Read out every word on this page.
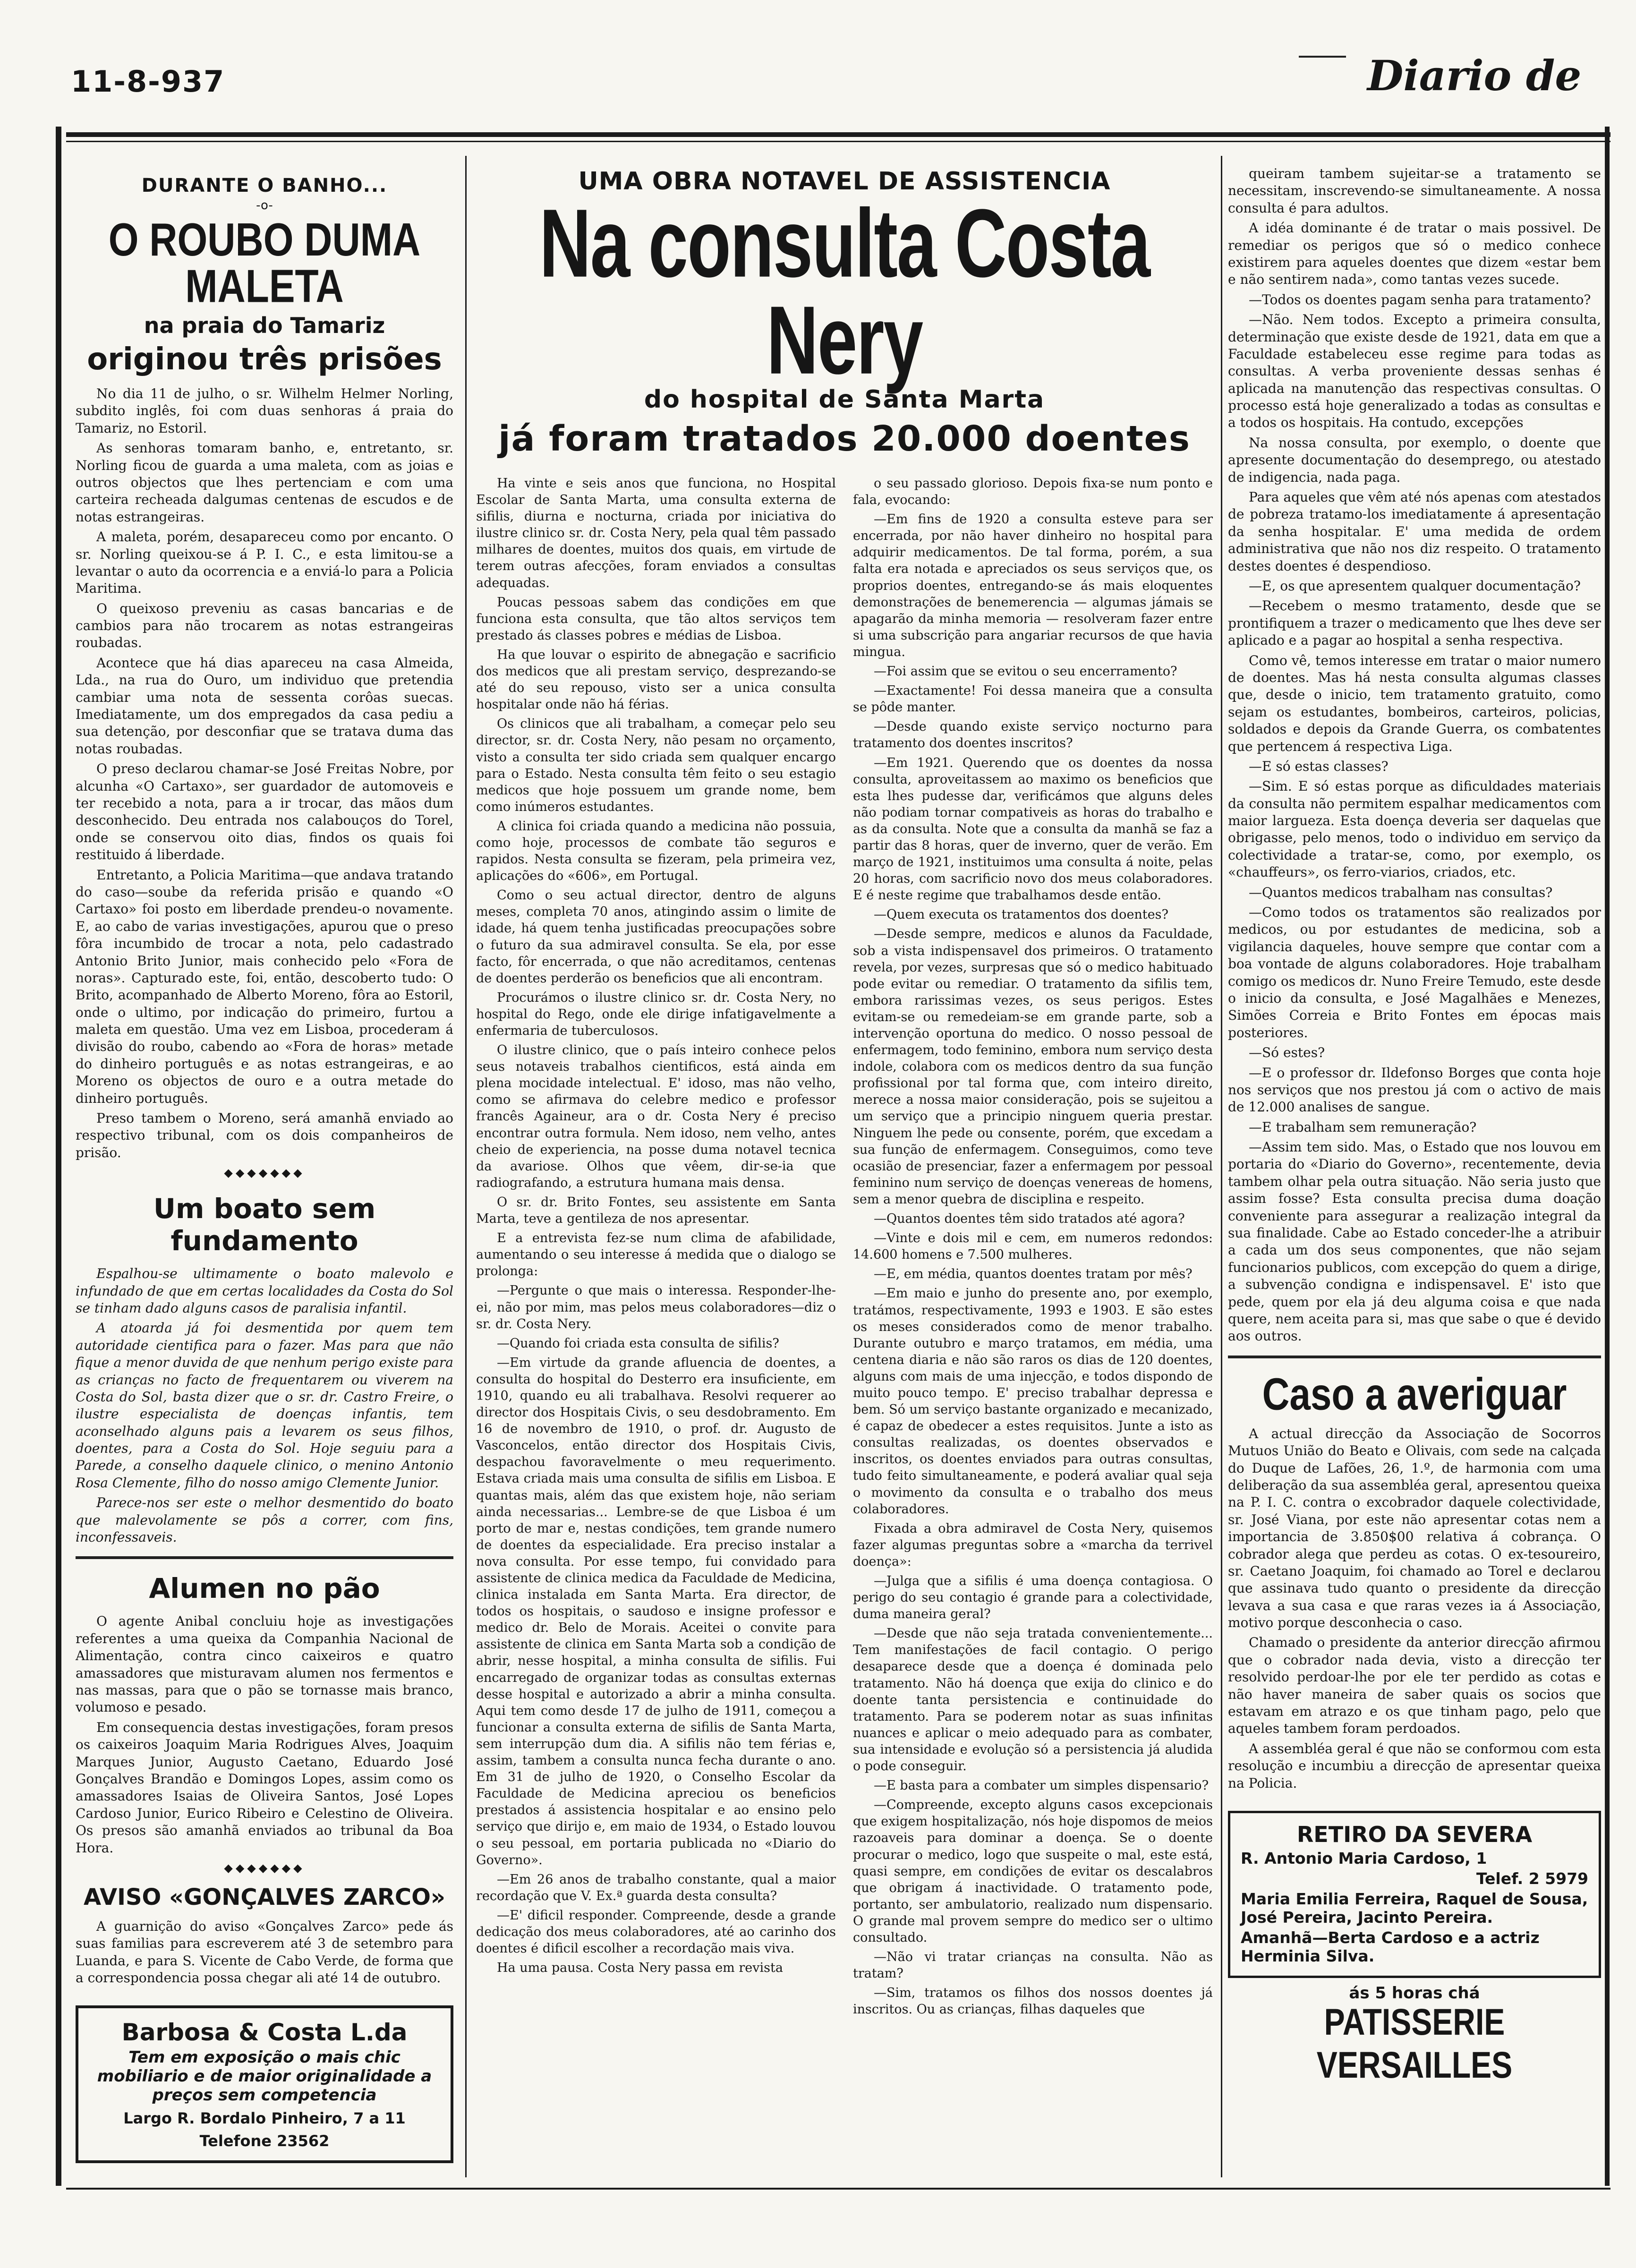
11-8-937	Diario de
DURANTE O BANHO...
-o-
O ROUBO DUMA MALETA
na praia do Tamariz
originou três prisões

No dia 11 de julho, o sr. Wilhelm Helmer Norling, subdito inglês, foi com duas senhoras á praia do Tamariz, no Estoril.

As senhoras tomaram banho, e, entretanto, sr. Norling ficou de guarda a uma maleta, com as joias e outros objectos que lhes pertenciam e com uma carteira recheada dalgumas centenas de escudos e de notas estrangeiras.

A maleta, porém, desapareceu como por encanto. O sr. Norling queixou-se á P. I. C., e esta limitou-se a levantar o auto da ocorrencia e a enviá-lo para a Policia Maritima.

O queixoso preveniu as casas bancarias e de cambios para não trocarem as notas estrangeiras roubadas.

Acontece que há dias apareceu na casa Almeida, Lda., na rua do Ouro, um individuo que pretendia cambiar uma nota de sessenta corôas suecas. Imediatamente, um dos empregados da casa pediu a sua detenção, por desconfiar que se tratava duma das notas roubadas.

O preso declarou chamar-se José Freitas Nobre, por alcunha «O Cartaxo», ser guardador de automoveis e ter recebido a nota, para a ir trocar, das mãos dum desconhecido. Deu entrada nos calabouços do Torel, onde se conservou oito dias, findos os quais foi restituido á liberdade.

Entretanto, a Policia Maritima—que andava tratando do caso—soube da referida prisão e quando «O Cartaxo» foi posto em liberdade prendeu-o novamente. E, ao cabo de varias investigações, apurou que o preso fôra incumbido de trocar a nota, pelo cadastrado Antonio Brito Junior, mais conhecido pelo «Fora de noras». Capturado este, foi, então, descoberto tudo: O Brito, acompanhado de Alberto Moreno, fôra ao Estoril, onde o ultimo, por indicação do primeiro, furtou a maleta em questão. Uma vez em Lisboa, procederam á divisão do roubo, cabendo ao «Fora de horas» metade do dinheiro português e as notas estrangeiras, e ao Moreno os objectos de ouro e a outra metade do dinheiro português.

Preso tambem o Moreno, será amanhã enviado ao respectivo tribunal, com os dois companheiros de prisão.

◆◆◆◆◆◆◆
Um boato sem fundamento

Espalhou-se ultimamente o boato malevolo e infundado de que em certas localidades da Costa do Sol se tinham dado alguns casos de paralisia infantil.

A atoarda já foi desmentida por quem tem autoridade cientifica para o fazer. Mas para que não fique a menor duvida de que nenhum perigo existe para as crianças no facto de frequentarem ou viverem na Costa do Sol, basta dizer que o sr. dr. Castro Freire, o ilustre especialista de doenças infantis, tem aconselhado alguns pais a levarem os seus filhos, doentes, para a Costa do Sol. Hoje seguiu para a Parede, a conselho daquele clinico, o menino Antonio Rosa Clemente, filho do nosso amigo Clemente Junior.

Parece-nos ser este o melhor desmentido do boato que malevolamente se pôs a correr, com fins, inconfessaveis.

Alumen no pão

O agente Anibal concluiu hoje as investigações referentes a uma queixa da Companhia Nacional de Alimentação, contra cinco caixeiros e quatro amassadores que misturavam alumen nos fermentos e nas massas, para que o pão se tornasse mais branco, volumoso e pesado.

Em consequencia destas investigações, foram presos os caixeiros Joaquim Maria Rodrigues Alves, Joaquim Marques Junior, Augusto Caetano, Eduardo José Gonçalves Brandão e Domingos Lopes, assim como os amassadores Isaias de Oliveira Santos, José Lopes Cardoso Junior, Eurico Ribeiro e Celestino de Oliveira. Os presos são amanhã enviados ao tribunal da Boa Hora.

◆◆◆◆◆◆◆
AVISO «GONÇALVES ZARCO»

A guarnição do aviso «Gonçalves Zarco» pede ás suas familias para escreverem até 3 de setembro para Luanda, e para S. Vicente de Cabo Verde, de forma que a correspondencia possa chegar ali até 14 de outubro.

Barbosa & Costa L.da
Tem em exposição o mais chic mobiliario e de maior originalidade a preços sem competencia
Largo R. Bordalo Pinheiro, 7 a 11
Telefone 23562
UMA OBRA NOTAVEL DE ASSISTENCIA
Na consulta Costa Nery
do hospital de Santa Marta
já foram tratados 20.000 doentes

Ha vinte e seis anos que funciona, no Hospital Escolar de Santa Marta, uma consulta externa de sifilis, diurna e nocturna, criada por iniciativa do ilustre clinico sr. dr. Costa Nery, pela qual têm passado milhares de doentes, muitos dos quais, em virtude de terem outras afecções, foram enviados a consultas adequadas.

Poucas pessoas sabem das condições em que funciona esta consulta, que tão altos serviços tem prestado ás classes pobres e médias de Lisboa.

Ha que louvar o espirito de abnegação e sacrificio dos medicos que ali prestam serviço, desprezando-se até do seu repouso, visto ser a unica consulta hospitalar onde não há férias.

Os clinicos que ali trabalham, a começar pelo seu director, sr. dr. Costa Nery, não pesam no orçamento, visto a consulta ter sido criada sem qualquer encargo para o Estado. Nesta consulta têm feito o seu estagio medicos que hoje possuem um grande nome, bem como inúmeros estudantes.

A clinica foi criada quando a medicina não possuia, como hoje, processos de combate tão seguros e rapidos. Nesta consulta se fizeram, pela primeira vez, aplicações do «606», em Portugal.

Como o seu actual director, dentro de alguns meses, completa 70 anos, atingindo assim o limite de idade, há quem tenha justificadas preocupações sobre o futuro da sua admiravel consulta. Se ela, por esse facto, fôr encerrada, o que não acreditamos, centenas de doentes perderão os beneficios que ali encontram.

Procurámos o ilustre clinico sr. dr. Costa Nery, no hospital do Rego, onde ele dirige infatigavelmente a enfermaria de tuberculosos.

O ilustre clinico, que o país inteiro conhece pelos seus notaveis trabalhos cientificos, está ainda em plena mocidade intelectual. E' idoso, mas não velho, como se afirmava do celebre medico e professor francês Againeur, ara o dr. Costa Nery é preciso encontrar outra formula. Nem idoso, nem velho, antes cheio de experiencia, na posse duma notavel tecnica da avariose. Olhos que vêem, dir-se-ia que radiografando, a estrutura humana mais densa.

O sr. dr. Brito Fontes, seu assistente em Santa Marta, teve a gentileza de nos apresentar.

E a entrevista fez-se num clima de afabilidade, aumentando o seu interesse á medida que o dialogo se prolonga:

—Pergunte o que mais o interessa. Responder-lhe-ei, não por mim, mas pelos meus colaboradores—diz o sr. dr. Costa Nery.

—Quando foi criada esta consulta de sifilis?

—Em virtude da grande afluencia de doentes, a consulta do hospital do Desterro era insuficiente, em 1910, quando eu ali trabalhava. Resolvi requerer ao director dos Hospitais Civis, o seu desdobramento. Em 16 de novembro de 1910, o prof. dr. Augusto de Vasconcelos, então director dos Hospitais Civis, despachou favoravelmente o meu requerimento. Estava criada mais uma consulta de sifilis em Lisboa. E quantas mais, além das que existem hoje, não seriam ainda necessarias... Lembre-se de que Lisboa é um porto de mar e, nestas condições, tem grande numero de doentes da especialidade. Era preciso instalar a nova consulta. Por esse tempo, fui convidado para assistente de clinica medica da Faculdade de Medicina, clinica instalada em Santa Marta. Era director, de todos os hospitais, o saudoso e insigne professor e medico dr. Belo de Morais. Aceitei o convite para assistente de clinica em Santa Marta sob a condição de abrir, nesse hospital, a minha consulta de sifilis. Fui encarregado de organizar todas as consultas externas desse hospital e autorizado a abrir a minha consulta. Aqui tem como desde 17 de julho de 1911, começou a funcionar a consulta externa de sifilis de Santa Marta, sem interrupção dum dia. A sifilis não tem férias e, assim, tambem a consulta nunca fecha durante o ano. Em 31 de julho de 1920, o Conselho Escolar da Faculdade de Medicina apreciou os beneficios prestados á assistencia hospitalar e ao ensino pelo serviço que dirijo e, em maio de 1934, o Estado louvou o seu pessoal, em portaria publicada no «Diario do Governo».

—Em 26 anos de trabalho constante, qual a maior recordação que V. Ex.ª guarda desta consulta?

—E' dificil responder. Compreende, desde a grande dedicação dos meus colaboradores, até ao carinho dos doentes é dificil escolher a recordação mais viva.

Ha uma pausa. Costa Nery passa em revista

o seu passado glorioso. Depois fixa-se num ponto e fala, evocando:

—Em fins de 1920 a consulta esteve para ser encerrada, por não haver dinheiro no hospital para adquirir medicamentos. De tal forma, porém, a sua falta era notada e apreciados os seus serviços que, os proprios doentes, entregando-se ás mais eloquentes demonstrações de benemerencia — algumas jámais se apagarão da minha memoria — resolveram fazer entre si uma subscrição para angariar recursos de que havia mingua.

—Foi assim que se evitou o seu encerramento?

—Exactamente! Foi dessa maneira que a consulta se pôde manter.

—Desde quando existe serviço nocturno para tratamento dos doentes inscritos?

—Em 1921. Querendo que os doentes da nossa consulta, aproveitassem ao maximo os beneficios que esta lhes pudesse dar, verificámos que alguns deles não podiam tornar compativeis as horas do trabalho e as da consulta. Note que a consulta da manhã se faz a partir das 8 horas, quer de inverno, quer de verão. Em março de 1921, instituimos uma consulta á noite, pelas 20 horas, com sacrificio novo dos meus colaboradores. E é neste regime que trabalhamos desde então.

—Quem executa os tratamentos dos doentes?

—Desde sempre, medicos e alunos da Faculdade, sob a vista indispensavel dos primeiros. O tratamento revela, por vezes, surpresas que só o medico habituado pode evitar ou remediar. O tratamento da sifilis tem, embora rarissimas vezes, os seus perigos. Estes evitam-se ou remedeiam-se em grande parte, sob a intervenção oportuna do medico. O nosso pessoal de enfermagem, todo feminino, embora num serviço desta indole, colabora com os medicos dentro da sua função profissional por tal forma que, com inteiro direito, merece a nossa maior consideração, pois se sujeitou a um serviço que a principio ninguem queria prestar. Ninguem lhe pede ou consente, porém, que excedam a sua função de enfermagem. Conseguimos, como teve ocasião de presenciar, fazer a enfermagem por pessoal feminino num serviço de doenças venereas de homens, sem a menor quebra de disciplina e respeito.

—Quantos doentes têm sido tratados até agora?

—Vinte e dois mil e cem, em numeros redondos: 14.600 homens e 7.500 mulheres.

—E, em média, quantos doentes tratam por mês?

—Em maio e junho do presente ano, por exemplo, tratámos, respectivamente, 1993 e 1903. E são estes os meses considerados como de menor trabalho. Durante outubro e março tratamos, em média, uma centena diaria e não são raros os dias de 120 doentes, alguns com mais de uma injecção, e todos dispondo de muito pouco tempo. E' preciso trabalhar depressa e bem. Só um serviço bastante organizado e mecanizado, é capaz de obedecer a estes requisitos. Junte a isto as consultas realizadas, os doentes observados e inscritos, os doentes enviados para outras consultas, tudo feito simultaneamente, e poderá avaliar qual seja o movimento da consulta e o trabalho dos meus colaboradores.

Fixada a obra admiravel de Costa Nery, quisemos fazer algumas preguntas sobre a «marcha da terrivel doença»:

—Julga que a sifilis é uma doença contagiosa. O perigo do seu contagio é grande para a colectividade, duma maneira geral?

—Desde que não seja tratada convenientemente... Tem manifestações de facil contagio. O perigo desaparece desde que a doença é dominada pelo tratamento. Não há doença que exija do clinico e do doente tanta persistencia e continuidade do tratamento. Para se poderem notar as suas infinitas nuances e aplicar o meio adequado para as combater, sua intensidade e evolução só a persistencia já aludida o pode conseguir.

—E basta para a combater um simples dispensario?

—Compreende, excepto alguns casos excepcionais que exigem hospitalização, nós hoje dispomos de meios razoaveis para dominar a doença. Se o doente procurar o medico, logo que suspeite o mal, este está, quasi sempre, em condições de evitar os descalabros que obrigam á inactividade. O tratamento pode, portanto, ser ambulatorio, realizado num dispensario. O grande mal provem sempre do medico ser o ultimo consultado.

—Não vi tratar crianças na consulta. Não as tratam?

—Sim, tratamos os filhos dos nossos doentes já inscritos. Ou as crianças, filhas daqueles que

queiram tambem sujeitar-se a tratamento se necessitam, inscrevendo-se simultaneamente. A nossa consulta é para adultos.

A idéa dominante é de tratar o mais possivel. De remediar os perigos que só o medico conhece existirem para aqueles doentes que dizem «estar bem e não sentirem nada», como tantas vezes sucede.

—Todos os doentes pagam senha para tratamento?

—Não. Nem todos. Excepto a primeira consulta, determinação que existe desde de 1921, data em que a Faculdade estabeleceu esse regime para todas as consultas. A verba proveniente dessas senhas é aplicada na manutenção das respectivas consultas. O processo está hoje generalizado a todas as consultas e a todos os hospitais. Ha contudo, excepções

Na nossa consulta, por exemplo, o doente que apresente documentação do desemprego, ou atestado de indigencia, nada paga.

Para aqueles que vêm até nós apenas com atestados de pobreza tratamo-los imediatamente á apresentação da senha hospitalar. E' uma medida de ordem administrativa que não nos diz respeito. O tratamento destes doentes é despendioso.

—E, os que apresentem qualquer documentação?

—Recebem o mesmo tratamento, desde que se prontifiquem a trazer o medicamento que lhes deve ser aplicado e a pagar ao hospital a senha respectiva.

Como vê, temos interesse em tratar o maior numero de doentes. Mas há nesta consulta algumas classes que, desde o inicio, tem tratamento gratuito, como sejam os estudantes, bombeiros, carteiros, policias, soldados e depois da Grande Guerra, os combatentes que pertencem á respectiva Liga.

—E só estas classes?

—Sim. E só estas porque as dificuldades materiais da consulta não permitem espalhar medicamentos com maior largueza. Esta doença deveria ser daquelas que obrigasse, pelo menos, todo o individuo em serviço da colectividade a tratar-se, como, por exemplo, os «chauffeurs», os ferro-viarios, criados, etc.

—Quantos medicos trabalham nas consultas?

—Como todos os tratamentos são realizados por medicos, ou por estudantes de medicina, sob a vigilancia daqueles, houve sempre que contar com a boa vontade de alguns colaboradores. Hoje trabalham comigo os medicos dr. Nuno Freire Temudo, este desde o inicio da consulta, e José Magalhães e Menezes, Simões Correia e Brito Fontes em épocas mais posteriores.

—Só estes?

—E o professor dr. Ildefonso Borges que conta hoje nos serviços que nos prestou já com o activo de mais de 12.000 analises de sangue.

—E trabalham sem remuneração?

—Assim tem sido. Mas, o Estado que nos louvou em portaria do «Diario do Governo», recentemente, devia tambem olhar pela outra situação. Não seria justo que assim fosse? Esta consulta precisa duma doação conveniente para assegurar a realização integral da sua finalidade. Cabe ao Estado conceder-lhe a atribuir a cada um dos seus componentes, que não sejam funcionarios publicos, com excepção do quem a dirige, a subvenção condigna e indispensavel. E' isto que pede, quem por ela já deu alguma coisa e que nada quere, nem aceita para si, mas que sabe o que é devido aos outros.

Caso a averiguar

A actual direcção da Associação de Socorros Mutuos União do Beato e Olivais, com sede na calçada do Duque de Lafões, 26, 1.º, de harmonia com uma deliberação da sua assembléa geral, apresentou queixa na P. I. C. contra o excobrador daquele colectividade, sr. José Viana, por este não apresentar cotas nem a importancia de 3.850$00 relativa á cobrança. O cobrador alega que perdeu as cotas. O ex-tesoureiro, sr. Caetano Joaquim, foi chamado ao Torel e declarou que assinava tudo quanto o presidente da direcção levava a sua casa e que raras vezes ia á Associação, motivo porque desconhecia o caso.

Chamado o presidente da anterior direcção afirmou que o cobrador nada devia, visto a direcção ter resolvido perdoar-lhe por ele ter perdido as cotas e não haver maneira de saber quais os socios que estavam em atrazo e os que tinham pago, pelo que aqueles tambem foram perdoados.

A assembléa geral é que não se conformou com esta resolução e incumbiu a direcção de apresentar queixa na Policia.

RETIRO DA SEVERA
R. Antonio Maria Cardoso, 1
Telef. 2 5979
Maria Emilia Ferreira, Raquel de Sousa, José Pereira, Jacinto Pereira.
Amanhã—Berta Cardoso e a actriz Herminia Silva.
ás 5 horas chá
PATISSERIE VERSAILLES
